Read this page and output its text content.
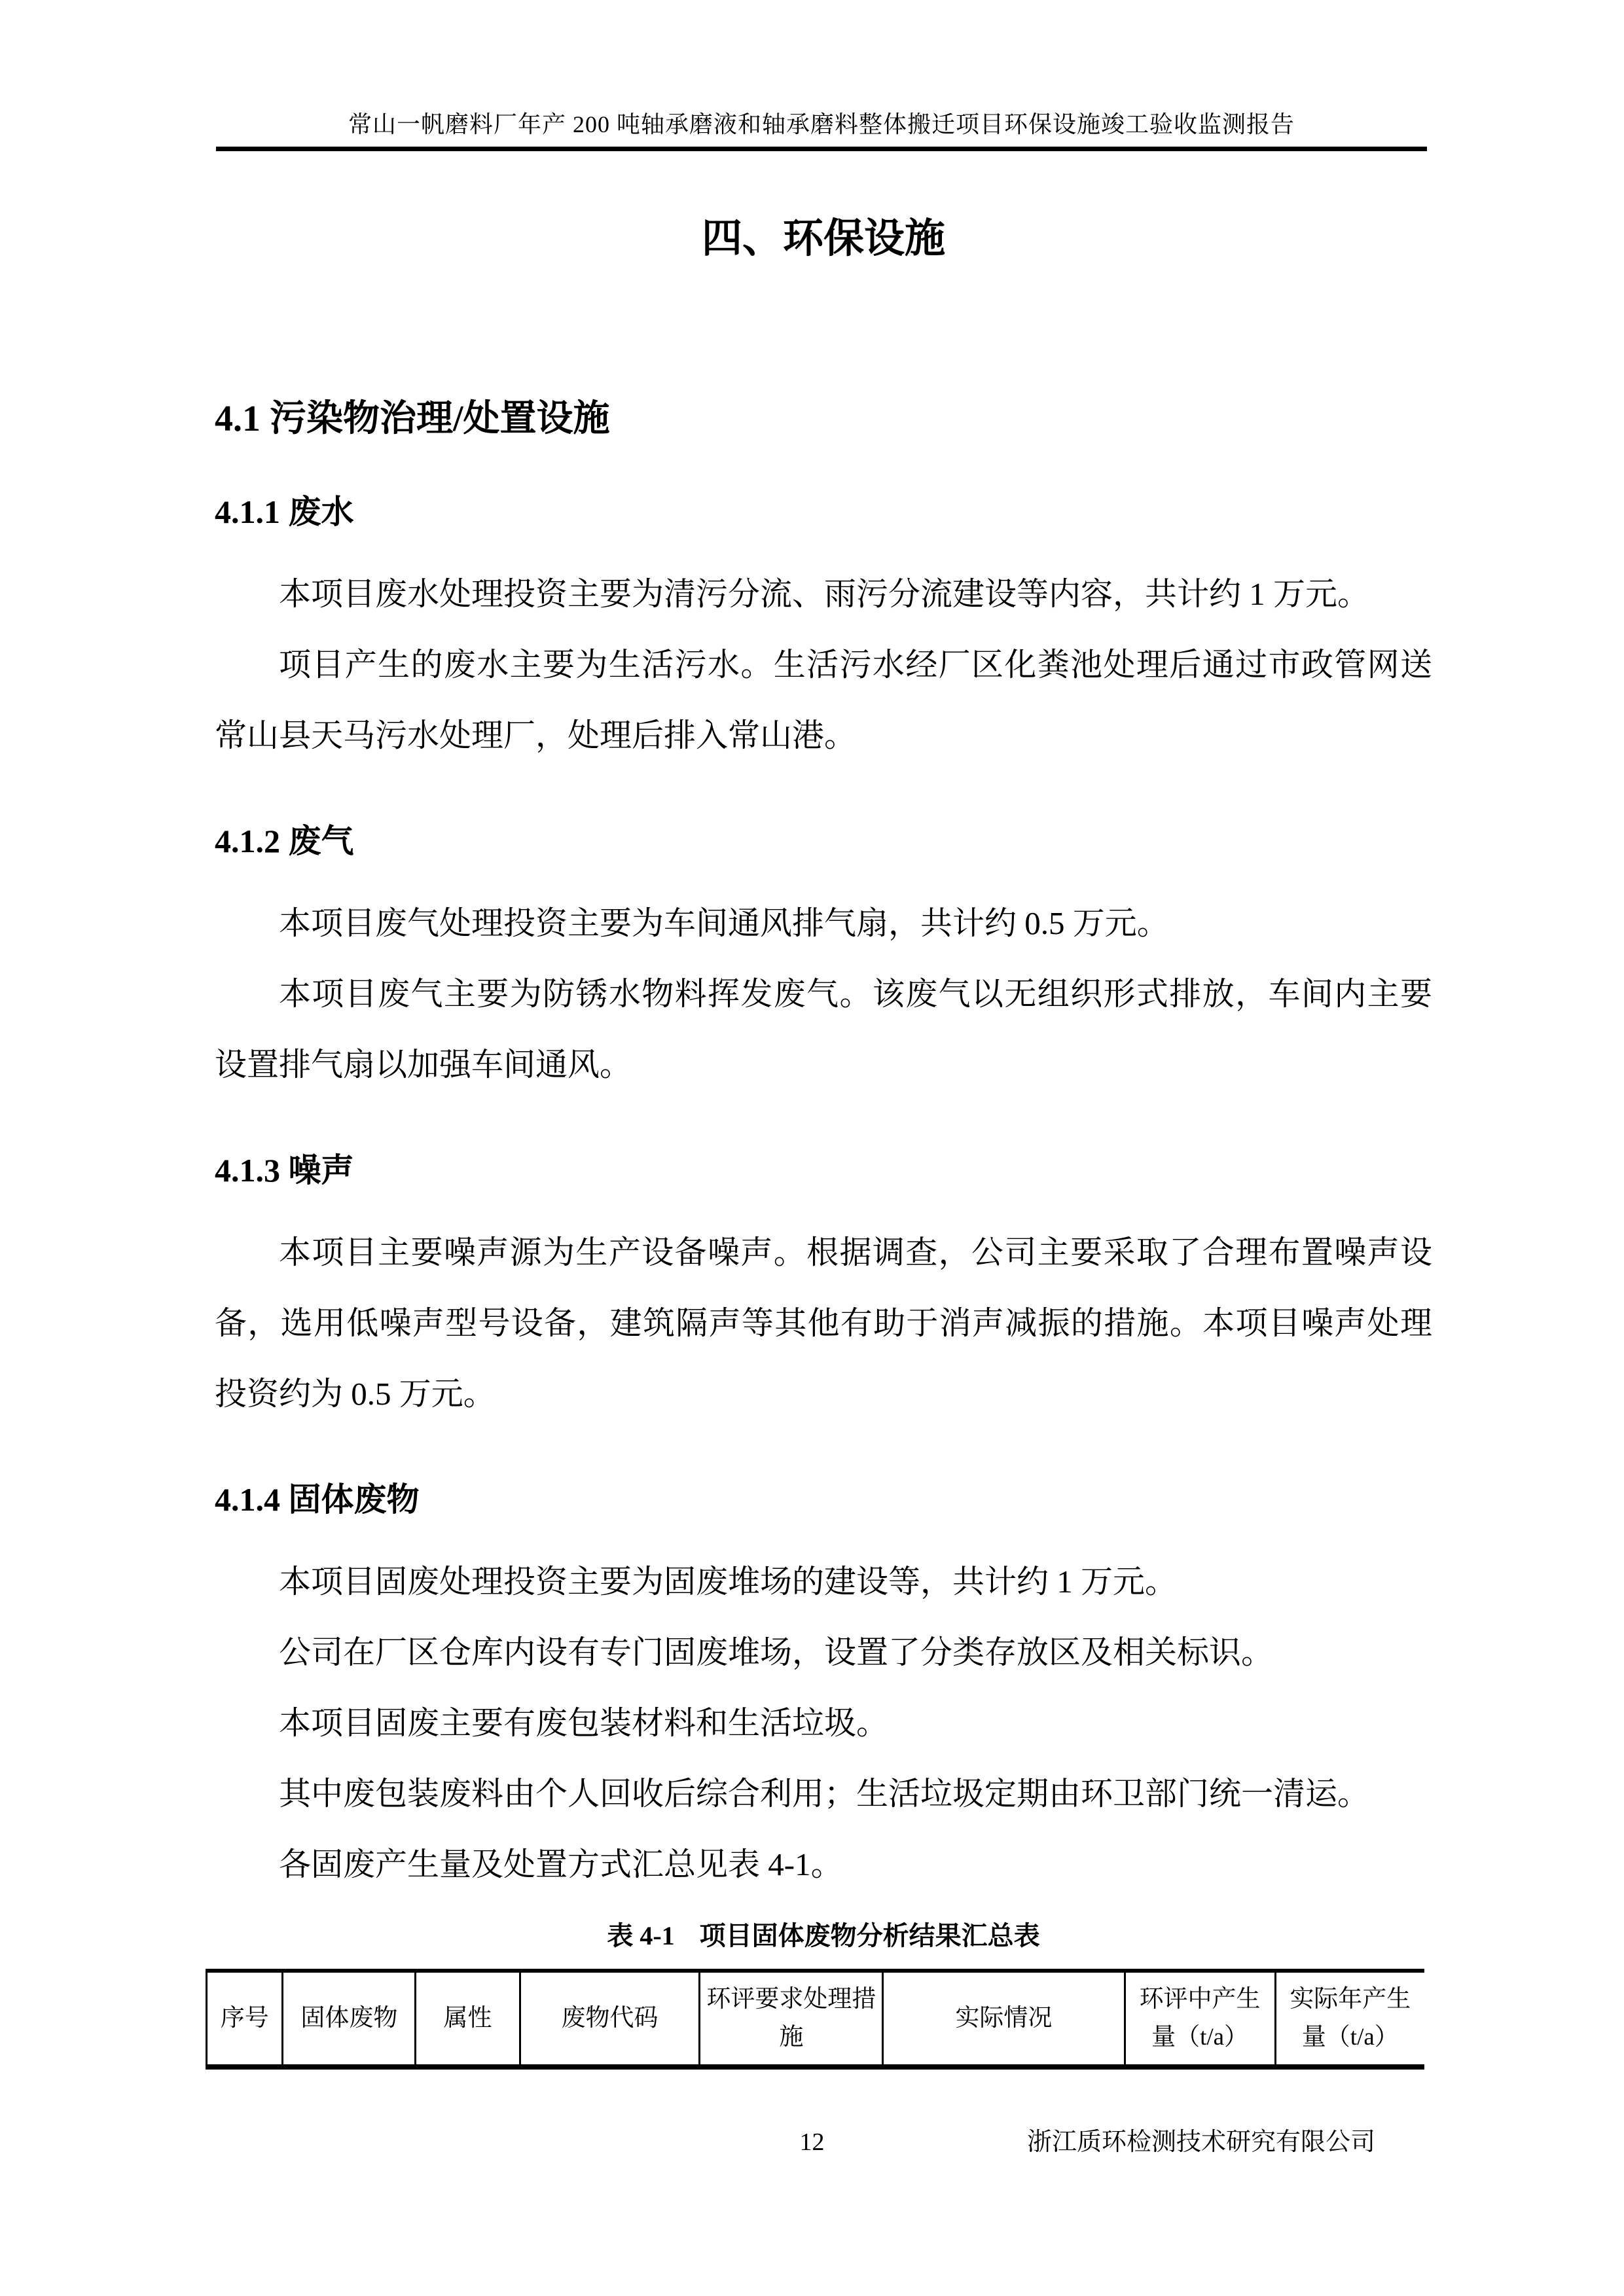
常山一帆磨料厂年产 200 吨轴承磨液和轴承磨料整体搬迁项目环保设施竣工验收监测报告
四、环保设施
4.1 污染物治理/处置设施
4.1.1 废水

本项目废水处理投资主要为清污分流、雨污分流建设等内容，共计约 1 万元。

项目产生的废水主要为生活污水。生活污水经厂区化粪池处理后通过市政管网送常山县天马污水处理厂，处理后排入常山港。

4.1.2 废气

本项目废气处理投资主要为车间通风排气扇，共计约 0.5 万元。

本项目废气主要为防锈水物料挥发废气。该废气以无组织形式排放，车间内主要设置排气扇以加强车间通风。

4.1.3 噪声

本项目主要噪声源为生产设备噪声。根据调查，公司主要采取了合理布置噪声设备，选用低噪声型号设备，建筑隔声等其他有助于消声减振的措施。本项目噪声处理投资约为 0.5 万元。

4.1.4 固体废物

本项目固废处理投资主要为固废堆场的建设等，共计约 1 万元。

公司在厂区仓库内设有专门固废堆场，设置了分类存放区及相关标识。

本项目固废主要有废包装材料和生活垃圾。

其中废包装废料由个人回收后综合利用；生活垃圾定期由环卫部门统一清运。

各固废产生量及处置方式汇总见表 4-1。

表 4-1 项目固体废物分析结果汇总表
序号	固体废物	属性	废物代码	环评要求处理措施	实际情况	环评中产生量（t/a）	实际年产生量（t/a）
12	浙江质环检测技术研究有限公司
